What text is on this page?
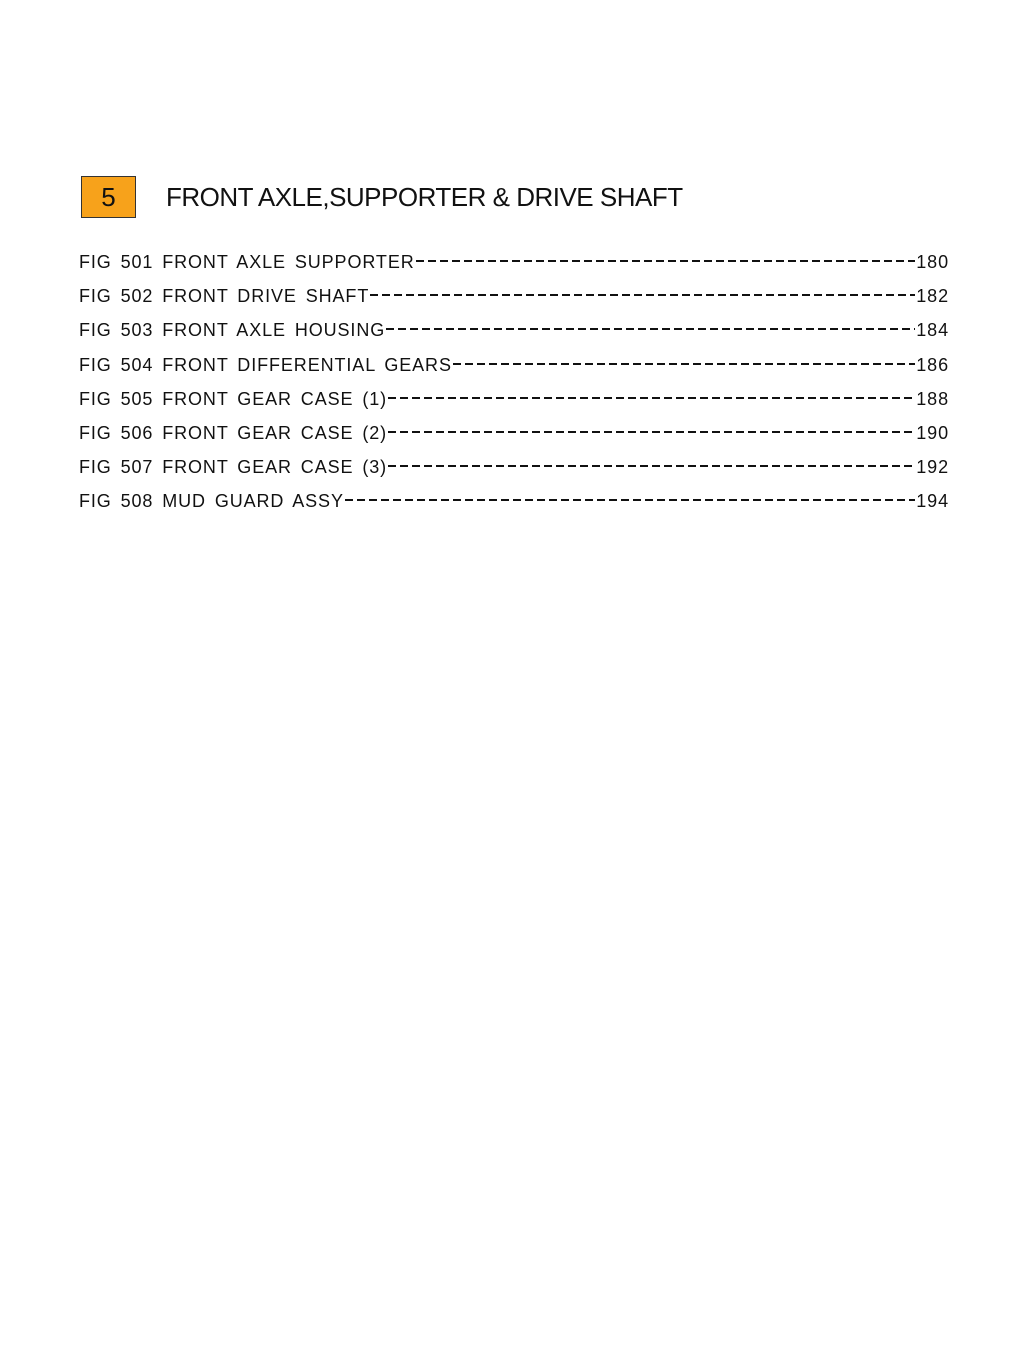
5	FRONT AXLE,SUPPORTER & DRIVE SHAFT
FIG 501 FRONT AXLE SUPPORTER	180
FIG 502 FRONT DRIVE SHAFT	182
FIG 503 FRONT AXLE HOUSING	184
FIG 504 FRONT DIFFERENTIAL GEARS	186
FIG 505 FRONT GEAR CASE (1)	188
FIG 506 FRONT GEAR CASE (2)	190
FIG 507 FRONT GEAR CASE (3)	192
FIG 508 MUD GUARD ASSY	194
